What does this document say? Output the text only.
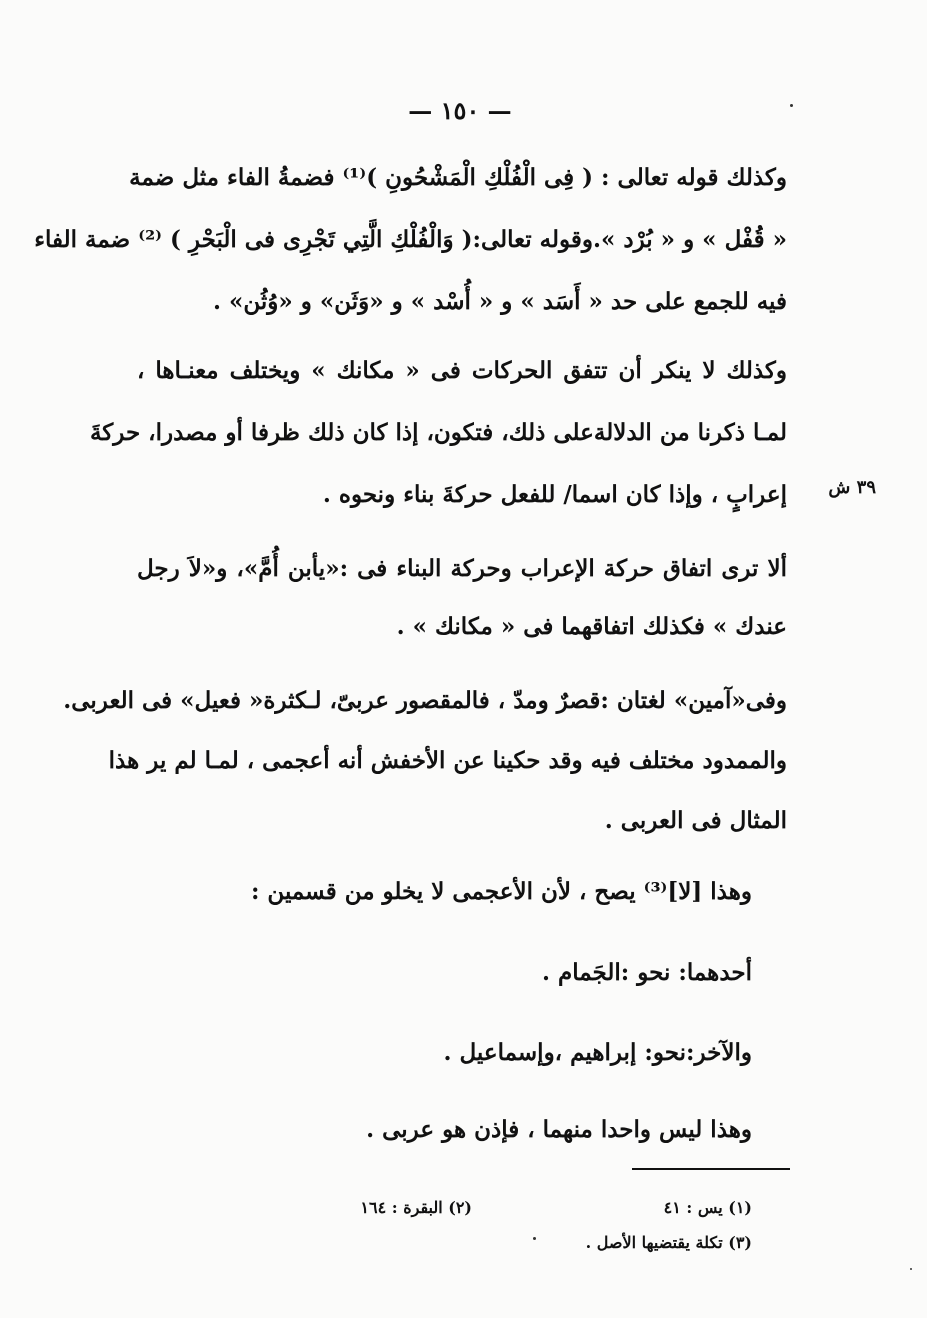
— ١٥٠ —
وكذلك قوله تعالى : ( فِى الْفُلْكِ الْمَشْحُونِ )⁽¹⁾ فضمةُ الفاء مثل ضمة
« قُفْل » و « بُرْد ».وقوله تعالى:( وَالْفُلْكِ الَّتِي تَجْرِى فى الْبَحْرِ ) ⁽²⁾ ضمة الفاء
فيه للجمع على حد « أَسَد » و « أُسْد » و «وَثَن» و «وُثُن» .
وكذلك لا ينكر أن تتفق الحركات فى « مكانك » ويختلف معنـاها ،
لمـا ذكرنا من الدلالةعلى ذلك، فتكون، إذا كان ذلك ظرفا أو مصدرا، حركةَ
إعرابٍ ، وإذا كان اسما/ للفعل حركةَ بناء ونحوه .	٣٩ ش
ألا ترى اتفاق حركة الإعراب وحركة البناء فى :«يأبن أُمَّ»، و«لاَ رجل
عندك » فكذلك اتفاقهما فى « مكانك » .
وفى«آمين» لغتان :قصرٌ ومدّ ، فالمقصور عربىّ، لـكثرة« فعيل» فى العربى.
والممدود مختلف فيه وقد حكينا عن الأخفش أنه أعجمى ، لمـا لم ير هذا
المثال فى العربى .
وهذا [لا]⁽³⁾ يصح ، لأن الأعجمى لا يخلو من قسمين :
أحدهما: نحو :الجَمام .
والآخر:نحو: إبراهيم ،وإسماعيل .
وهذا ليس واحدا منهما ، فإذن هو عربى .
(١) يس : ٤١
(٢) البقرة : ١٦٤
(٣) تكلة يقتضيها الأصل .
